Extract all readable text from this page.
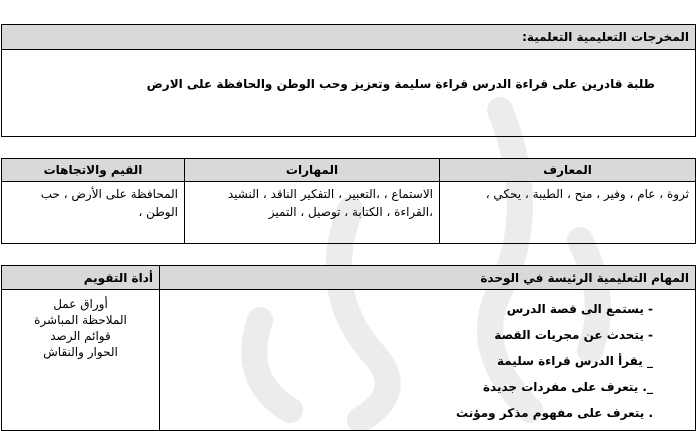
المخرجات التعليمية التعلمية:
طلبة قادرين على قراءة الدرس قراءة سليمة وتعزيز وحب الوطن والحافظة على الارض
المعارف
المهارات
القيم والاتجاهات
ثروة ، عام ، وفير ، منح ، الطيبة ، يحكي ،
الاستماع ، ،التعبير ، التفكير الناقد ، النشيد ،القراءة ، الكتابة ، توصيل ، التميز
المحافظة على الأرض ، حب الوطن ،
المهام التعليمية الرئيسة في الوحدة
أداة التقويم
- يستمع الى قصة الدرس
- يتحدث عن مجريات القصة
_ يقرأ الدرس قراءة سليمة
_. يتعرف على مفردات جديدة
. يتعرف على مفهوم مذكر ومؤنث
أوراق عمل
الملاحظة المباشرة
قوائم الرصد
الحوار والنقاش
